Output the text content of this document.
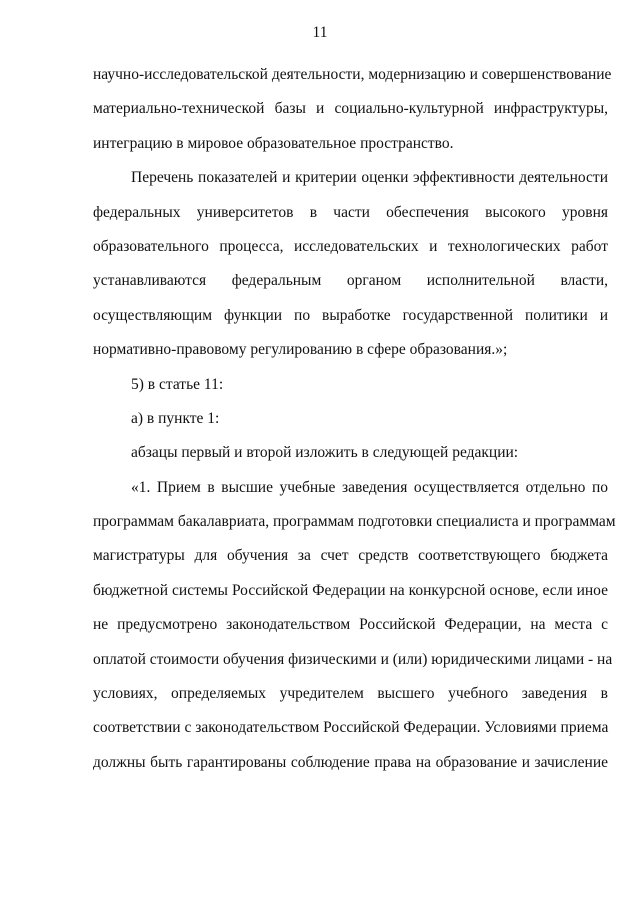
11
научно-исследовательской деятельности, модернизацию и совершенствование
материально-технической базы и социально-культурной инфраструктуры,
интеграцию в мировое образовательное пространство.
Перечень показателей и критерии оценки эффективности деятельности
федеральных университетов в части обеспечения высокого уровня
образовательного процесса, исследовательских и технологических работ
устанавливаются федеральным органом исполнительной власти,
осуществляющим функции по выработке государственной политики и
нормативно-правовому регулированию в сфере образования.»;
5) в статье 11:
а) в пункте 1:
абзацы первый и второй изложить в следующей редакции:
«1. Прием в высшие учебные заведения осуществляется отдельно по
программам бакалавриата, программам подготовки специалиста и программам
магистратуры для обучения за счет средств соответствующего бюджета
бюджетной системы Российской Федерации на конкурсной основе, если иное
не предусмотрено законодательством Российской Федерации, на места с
оплатой стоимости обучения физическими и (или) юридическими лицами - на
условиях, определяемых учредителем высшего учебного заведения в
соответствии с законодательством Российской Федерации. Условиями приема
должны быть гарантированы соблюдение права на образование и зачисление
